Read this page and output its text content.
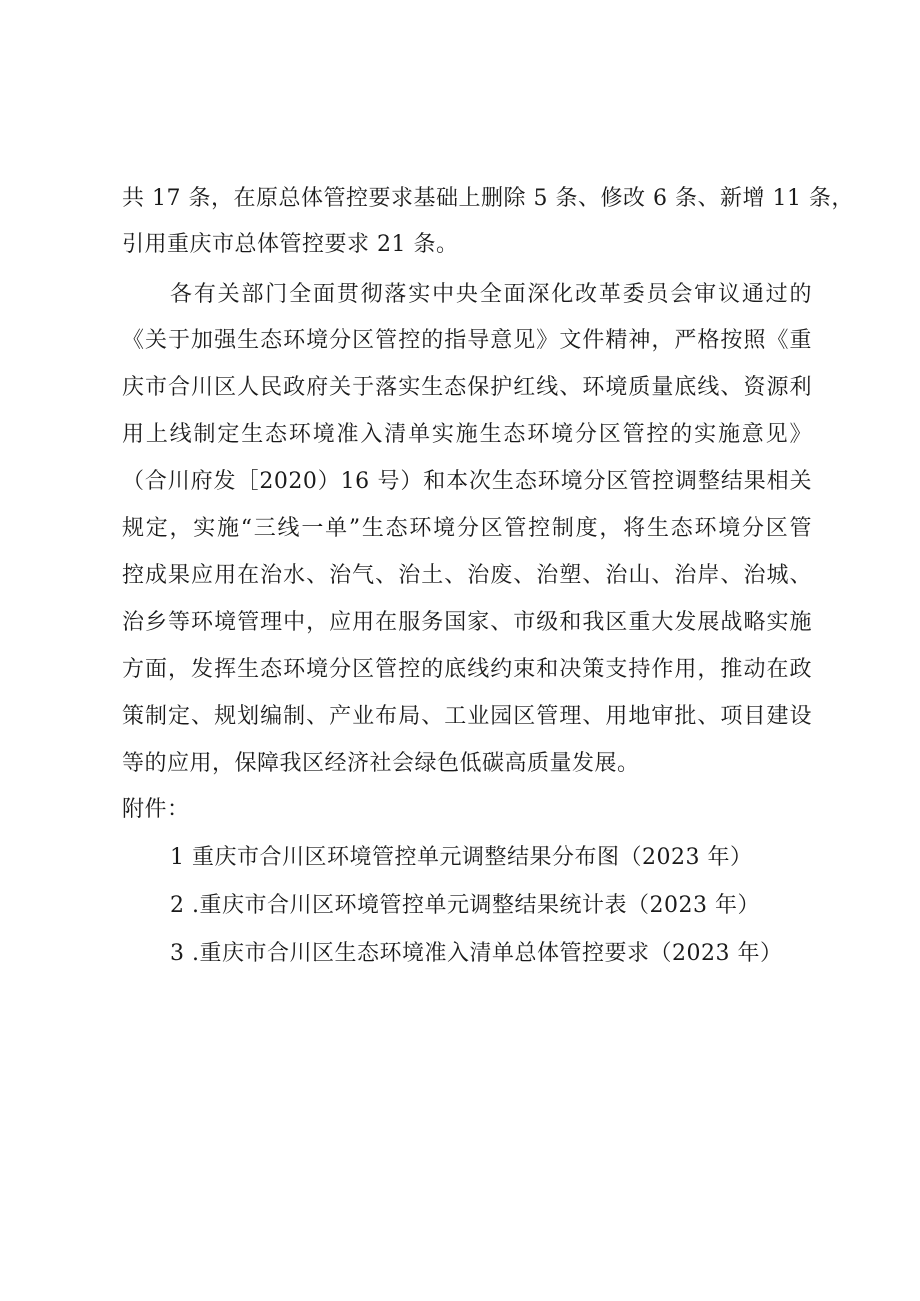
共 17 条，在原总体管控要求基础上删除 5 条、修改 6 条、新增 11 条，
引用重庆市总体管控要求 21 条。
各有关部门全面贯彻落实中央全面深化改革委员会审议通过的
《关于加强生态环境分区管控的指导意见》文件精神，严格按照《重
庆市合川区人民政府关于落实生态保护红线、环境质量底线、资源利
用上线制定生态环境准入清单实施生态环境分区管控的实施意见》
（合川府发［2020）16 号）和本次生态环境分区管控调整结果相关
规定，实施“三线一单”生态环境分区管控制度，将生态环境分区管
控成果应用在治水、治气、治土、治废、治塑、治山、治岸、治城、
治乡等环境管理中，应用在服务国家、市级和我区重大发展战略实施
方面，发挥生态环境分区管控的底线约束和决策支持作用，推动在政
策制定、规划编制、产业布局、工业园区管理、用地审批、项目建设
等的应用，保障我区经济社会绿色低碳高质量发展。
附件：
1 重庆市合川区环境管控单元调整结果分布图（2023 年）
2 .重庆市合川区环境管控单元调整结果统计表（2023 年）
3 .重庆市合川区生态环境准入清单总体管控要求（2023 年）
